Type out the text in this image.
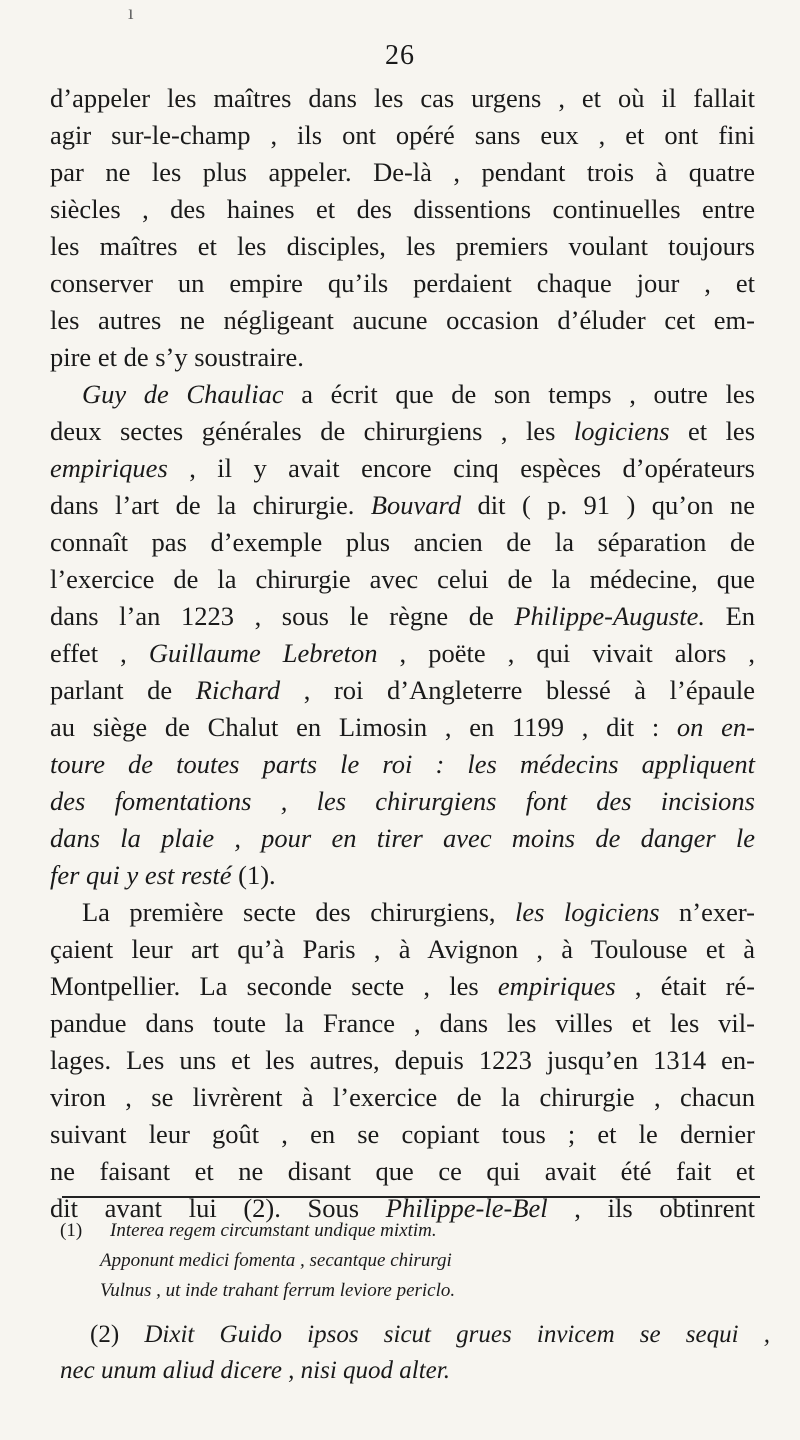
ı
26
d’appeler les maîtres dans les cas urgens , et où il fallait
agir sur-le-champ , ils ont opéré sans eux , et ont fini
par ne les plus appeler. De-là , pendant trois à quatre
siècles , des haines et des dissentions continuelles entre
les maîtres et les disciples, les premiers voulant toujours
conserver un empire qu’ils perdaient chaque jour , et
les autres ne négligeant aucune occasion d’éluder cet em-
pire et de s’y soustraire.
Guy de Chauliac a écrit que de son temps , outre les
deux sectes générales de chirurgiens , les logiciens et les
empiriques , il y avait encore cinq espèces d’opérateurs
dans l’art de la chirurgie. Bouvard dit ( p. 91 ) qu’on ne
connaît pas d’exemple plus ancien de la séparation de
l’exercice de la chirurgie avec celui de la médecine, que
dans l’an 1223 , sous le règne de Philippe-Auguste. En
effet , Guillaume Lebreton , poëte , qui vivait alors ,
parlant de Richard , roi d’Angleterre blessé à l’épaule
au siège de Chalut en Limosin , en 1199 , dit : on en-
toure de toutes parts le roi : les médecins appliquent
des fomentations , les chirurgiens font des incisions
dans la plaie , pour en tirer avec moins de danger le
fer qui y est resté (1).
La première secte des chirurgiens, les logiciens n’exer-
çaient leur art qu’à Paris , à Avignon , à Toulouse et à
Montpellier. La seconde secte , les empiriques , était ré-
pandue dans toute la France , dans les villes et les vil-
lages. Les uns et les autres, depuis 1223 jusqu’en 1314 en-
viron , se livrèrent à l’exercice de la chirurgie , chacun
suivant leur goût , en se copiant tous ; et le dernier
ne faisant et ne disant que ce qui avait été fait et
dit avant lui (2). Sous Philippe-le-Bel , ils obtinrent
(1) Interea regem circumstant undique mixtim.
Apponunt medici fomenta , secantque chirurgi
Vulnus , ut inde trahant ferrum leviore periclo.
(2) Dixit Guido ipsos sicut grues invicem se sequi ,
nec unum aliud dicere , nisi quod alter.
